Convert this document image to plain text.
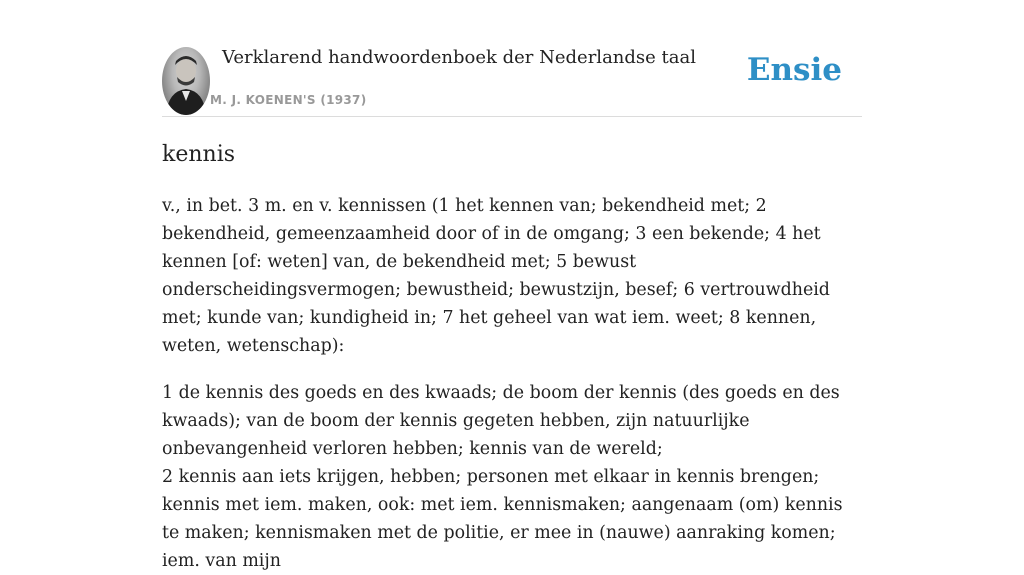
Verklarend handwoordenboek der Nederlandse taal
M. J. KOENEN'S (1937)
Ensie
kennis

v., in bet. 3 m. en v. kennissen (1 het kennen van; bekendheid met; 2 bekendheid, gemeenzaamheid door of in de omgang; 3 een bekende; 4 het kennen [of: weten] van, de bekendheid met; 5 bewust onderscheidingsvermogen; bewustheid; bewustzijn, besef; 6 vertrouwdheid met; kunde van; kundigheid in; 7 het geheel van wat iem. weet; 8 kennen, weten, wetenschap):

1 de kennis des goeds en des kwaads; de boom der kennis (des goeds en des kwaads); van de boom der kennis gegeten hebben, zijn natuurlijke onbevangenheid verloren hebben; kennis van de wereld;
2 kennis aan iets krijgen, hebben; personen met elkaar in kennis brengen; kennis met iem. maken, ook: met iem. kennismaken; aangenaam (om) kennis te maken; kennismaken met de politie, er mee in (nauwe) aanraking komen; iem. van mijn
